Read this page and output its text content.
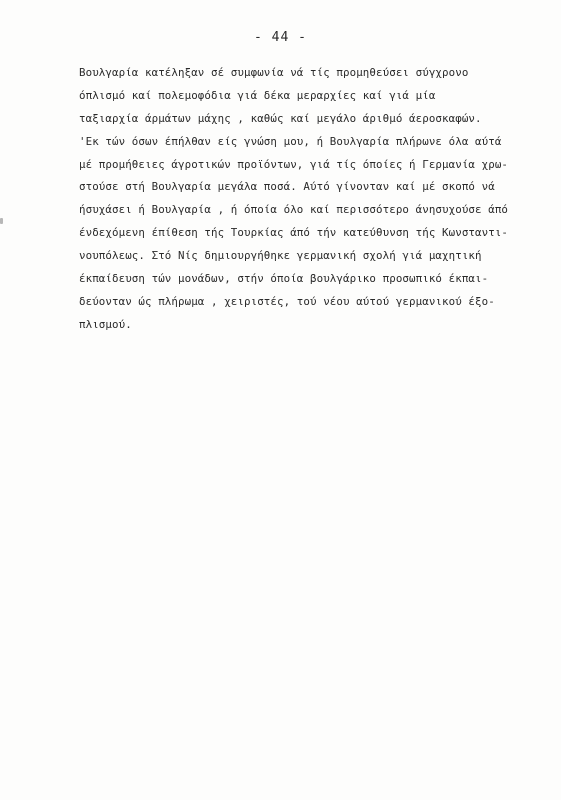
- 44 -
Βουλγαρία κατέληξαν σέ συμφωνία νά τίς προμηθεύσει σύγχρονο
όπλισμό καί πολεμοφόδια γιά δέκα μεραρχίες καί γιά μία
ταξιαρχία άρμάτων μάχης , καθώς καί μεγάλο άριθμό άεροσκαφών.
'Εκ τών όσων έπήλθαν είς γνώση μου, ή Βουλγαρία πλήρωνε όλα αύτά
μέ προμήθειες άγροτικών προϊόντων, γιά τίς όποίες ή Γερμανία χρω-
στούσε στή Βουλγαρία μεγάλα ποσά. Αύτό γίνονταν καί μέ σκοπό νά
ήσυχάσει ή Βουλγαρία , ή όποία όλο καί περισσότερο άνησυχούσε άπό
ένδεχόμενη έπίθεση τής Τουρκίας άπό τήν κατεύθυνση τής Κωνσταντι-
νουπόλεως. Στό Νίς δημιουργήθηκε γερμανική σχολή γιά μαχητική
έκπαίδευση τών μονάδων, στήν όποία βουλγάρικο προσωπικό έκπαι-
δεύονταν ώς πλήρωμα , χειριστές, τού νέου αύτού γερμανικού έξο-
πλισμού.
